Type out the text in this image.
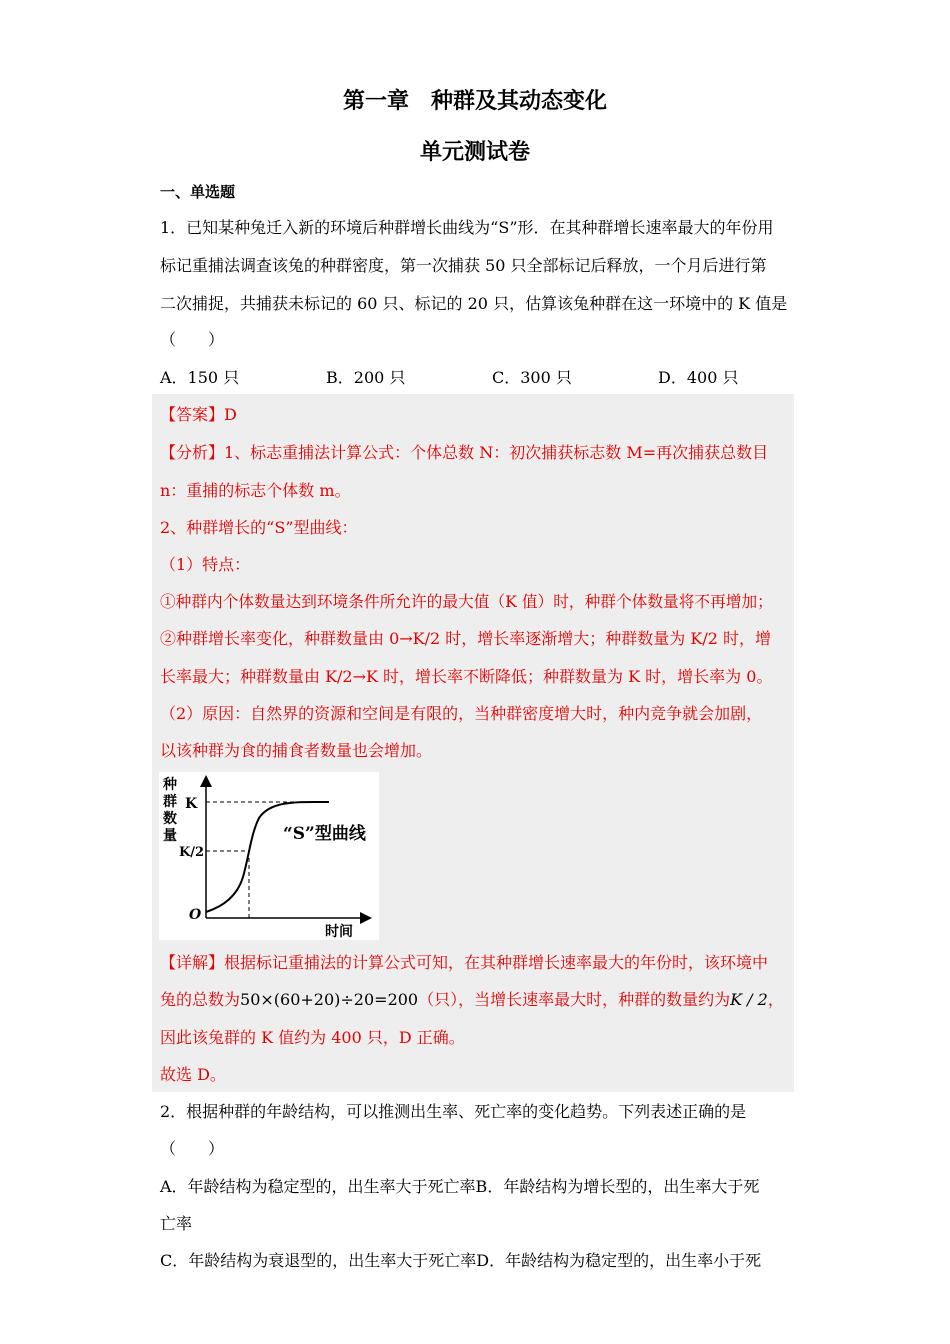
第一章　种群及其动态变化
单元测试卷
一、单选题
1．已知某种兔迁入新的环境后种群增长曲线为“S”形．在其种群增长速率最大的年份用
标记重捕法调查该兔的种群密度，第一次捕获 50 只全部标记后释放，一个月后进行第
二次捕捉，共捕获未标记的 60 只、标记的 20 只，估算该兔种群在这一环境中的 K 值是
（　　）
A．150 只	B．200 只	C．300 只	D．400 只
【答案】D
【分析】1、标志重捕法计算公式：个体总数 N：初次捕获标志数 M=再次捕获总数目
n：重捕的标志个体数 m。
2、种群增长的“S”型曲线：
（1）特点：
①种群内个体数量达到环境条件所允许的最大值（K 值）时，种群个体数量将不再增加；
②种群增长率变化，种群数量由 0→K/2 时，增长率逐渐增大；种群数量为 K/2 时，增
长率最大；种群数量由 K/2→K 时，增长率不断降低；种群数量为 K 时，增长率为 0。
（2）原因：自然界的资源和空间是有限的，当种群密度增大时，种内竞争就会加剧，
以该种群为食的捕食者数量也会增加。
种
群
数
量
K
K/2
O
时间
“S”型曲线
【详解】根据标记重捕法的计算公式可知，在其种群增长速率最大的年份时，该环境中
兔的总数为50×(60+20)÷20=200（只），当增长速率最大时，种群的数量约为K / 2，
因此该兔群的 K 值约为 400 只，D 正确。
故选 D。
2．根据种群的年龄结构，可以推测出生率、死亡率的变化趋势。下列表述正确的是
（　　）
A．年龄结构为稳定型的，出生率大于死亡率B．年龄结构为增长型的，出生率大于死
亡率
C．年龄结构为衰退型的，出生率大于死亡率D．年龄结构为稳定型的，出生率小于死
